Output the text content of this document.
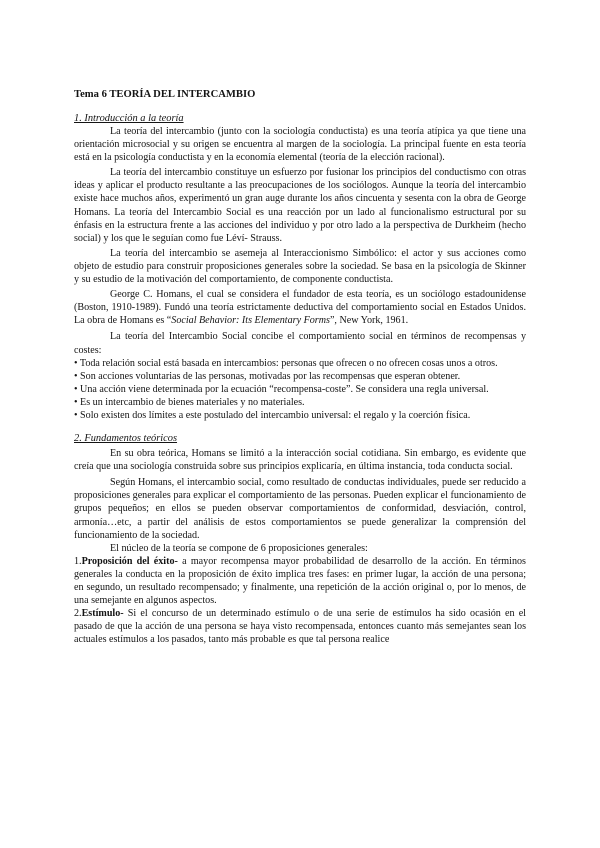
Tema 6 TEORÍA DEL INTERCAMBIO
1. Introducción a la teoría

La teoría del intercambio (junto con la sociología conductista) es una teoría atípica ya que tiene una orientación microsocial y su origen se encuentra al margen de la sociología. La principal fuente en esta teoría está en la psicología conductista y en la economía elemental (teoría de la elección racional).

La teoría del intercambio constituye un esfuerzo por fusionar los principios del conductismo con otras ideas y aplicar el producto resultante a las preocupaciones de los sociólogos. Aunque la teoría del intercambio existe hace muchos años, experimentó un gran auge durante los años cincuenta y sesenta con la obra de George Homans. La teoría del Intercambio Social es una reacción por un lado al funcionalismo estructural por su énfasis en la estructura frente a las acciones del individuo y por otro lado a la perspectiva de Durkheim (hecho social) y los que le seguían como fue Léví- Strauss.

La teoría del intercambio se asemeja al Interaccionismo Simbólico: el actor y sus acciones como objeto de estudio para construir proposiciones generales sobre la sociedad. Se basa en la psicología de Skinner y su estudio de la motivación del comportamiento, de componente conductista.

George C. Homans, el cual se considera el fundador de esta teoría, es un sociólogo estadounidense (Boston, 1910-1989). Fundó una teoría estrictamente deductiva del comportamiento social en Estados Unidos. La obra de Homans es “Social Behavior: Its Elementary Forms”, New York, 1961.

La teoría del Intercambio Social concibe el comportamiento social en términos de recompensas y costes:

• Toda relación social está basada en intercambios: personas que ofrecen o no ofrecen cosas unos a otros.

• Son acciones voluntarias de las personas, motivadas por las recompensas que esperan obtener.

• Una acción viene determinada por la ecuación “recompensa-coste”. Se considera una regla universal.

• Es un intercambio de bienes materiales y no materiales.

• Solo existen dos límites a este postulado del intercambio universal: el regalo y la coerción física.

2. Fundamentos teóricos

En su obra teórica, Homans se limitó a la interacción social cotidiana. Sin embargo, es evidente que creía que una sociología construida sobre sus principios explicaría, en última instancia, toda conducta social.

Según Homans, el intercambio social, como resultado de conductas individuales, puede ser reducido a proposiciones generales para explicar el comportamiento de las personas. Pueden explicar el funcionamiento de grupos pequeños; en ellos se pueden observar comportamientos de conformidad, desviación, control, armonía…etc, a partir del análisis de estos comportamientos se puede generalizar la comprensión del funcionamiento de la sociedad.

El núcleo de la teoría se compone de 6 proposiciones generales:

1.Proposición del éxito- a mayor recompensa mayor probabilidad de desarrollo de la acción. En términos generales la conducta en la proposición de éxito implica tres fases: en primer lugar, la acción de una persona; en segundo, un resultado recompensado; y finalmente, una repetición de la acción original o, por lo menos, de una semejante en algunos aspectos.

2.Estímulo- Si el concurso de un determinado estímulo o de una serie de estímulos ha sido ocasión en el pasado de que la acción de una persona se haya visto recompensada, entonces cuanto más semejantes sean los actuales estímulos a los pasados, tanto más probable es que tal persona realice
